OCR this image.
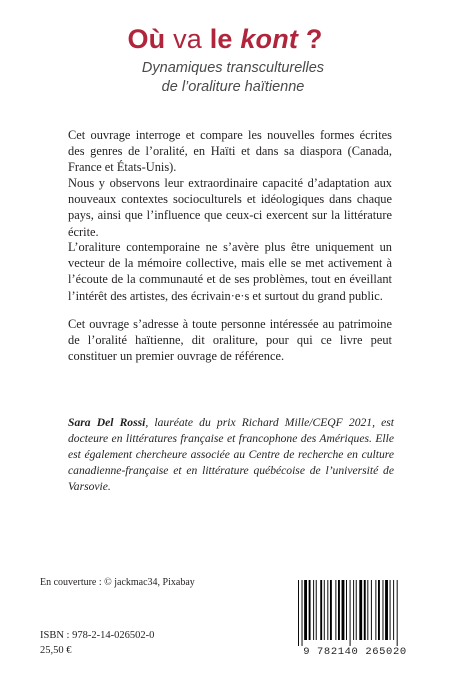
Où va le kont ?
Dynamiques transculturelles
de l’oraliture haïtienne

Cet ouvrage interroge et compare les nouvelles formes écrites des genres de l’oralité, en Haïti et dans sa diaspora (Canada, France et États-Unis).

Nous y observons leur extraordinaire capacité d’adaptation aux nouveaux contextes socioculturels et idéologiques dans chaque pays, ainsi que l’influence que ceux-ci exercent sur la littérature écrite.

L’oraliture contemporaine ne s’avère plus être uniquement un vecteur de la mémoire collective, mais elle se met activement à l’écoute de la communauté et de ses problèmes, tout en éveillant l’intérêt des artistes, des écrivain·e·s et surtout du grand public.

Cet ouvrage s’adresse à toute personne intéressée au patrimoine de l’oralité haïtienne, dit oraliture, pour qui ce livre peut constituer un premier ouvrage de référence.

Sara Del Rossi, lauréate du prix Richard Mille/CEQF 2021, est docteure en littératures française et francophone des Amériques. Elle est également chercheure associée au Centre de recherche en culture canadienne-française et en littérature québécoise de l’université de Varsovie.

En couverture : © jackmac34, Pixabay
ISBN : 978-2-14-026502-0
25,50 €	9 782140 265020
